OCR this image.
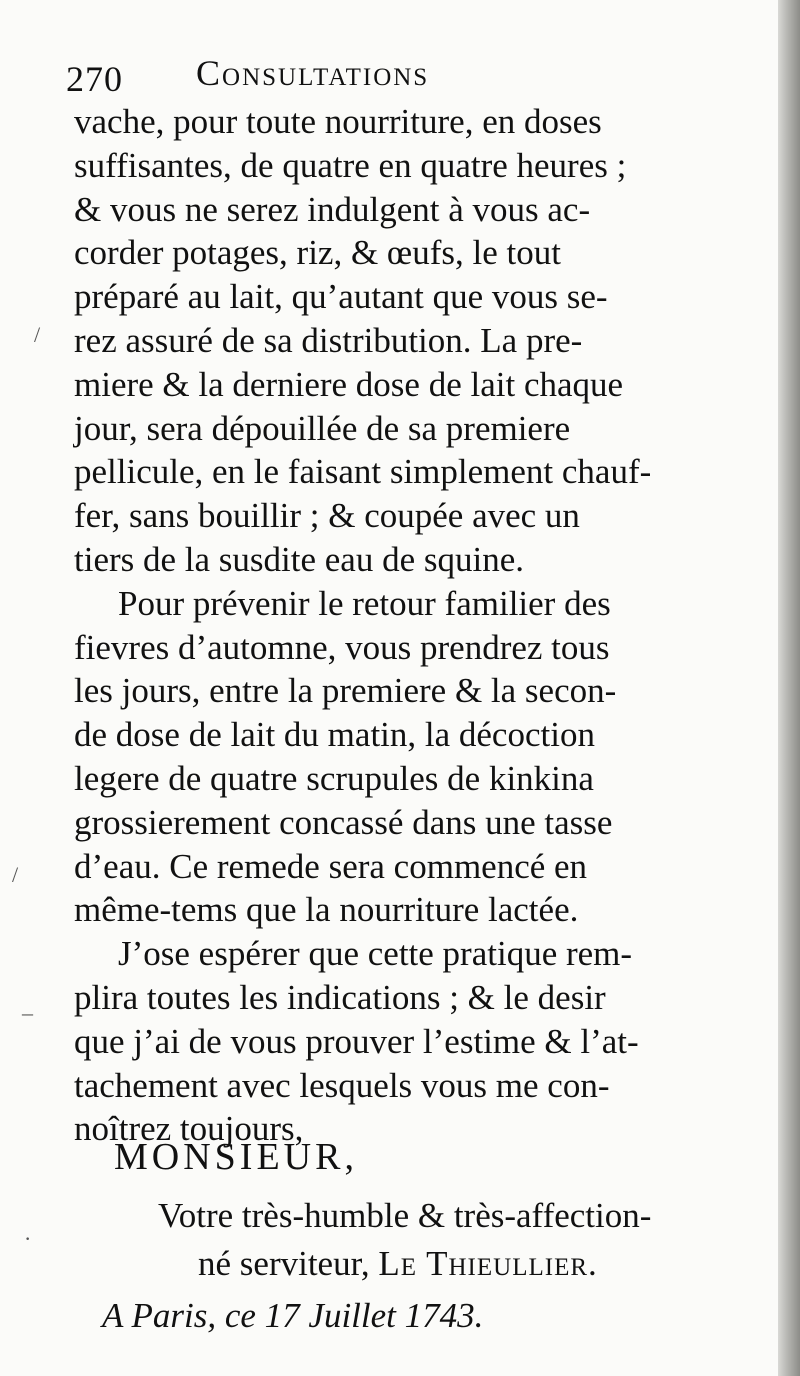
270 Consultations
vache, pour toute nourriture, en doses
suffisantes, de quatre en quatre heures ;
& vous ne serez indulgent à vous ac-
corder potages, riz, & œufs, le tout
préparé au lait, qu’autant que vous se-
rez assuré de sa distribution. La pre-
miere & la derniere dose de lait chaque
jour, sera dépouillée de sa premiere
pellicule, en le faisant simplement chauf-
fer, sans bouillir ; & coupée avec un
tiers de la susdite eau de squine.
Pour prévenir le retour familier des
fievres d’automne, vous prendrez tous
les jours, entre la premiere & la secon-
de dose de lait du matin, la décoction
legere de quatre scrupules de kinkina
grossierement concassé dans une tasse
d’eau. Ce remede sera commencé en
même-tems que la nourriture lactée.
J’ose espérer que cette pratique rem-
plira toutes les indications ; & le desir
que j’ai de vous prouver l’estime & l’at-
tachement avec lesquels vous me con-
noîtrez toujours,
MONSIEUR,
Votre très-humble & très-affection-
né serviteur, Le Thieullier.
A Paris, ce 17 Juillet 1743.
/
/
–
·
